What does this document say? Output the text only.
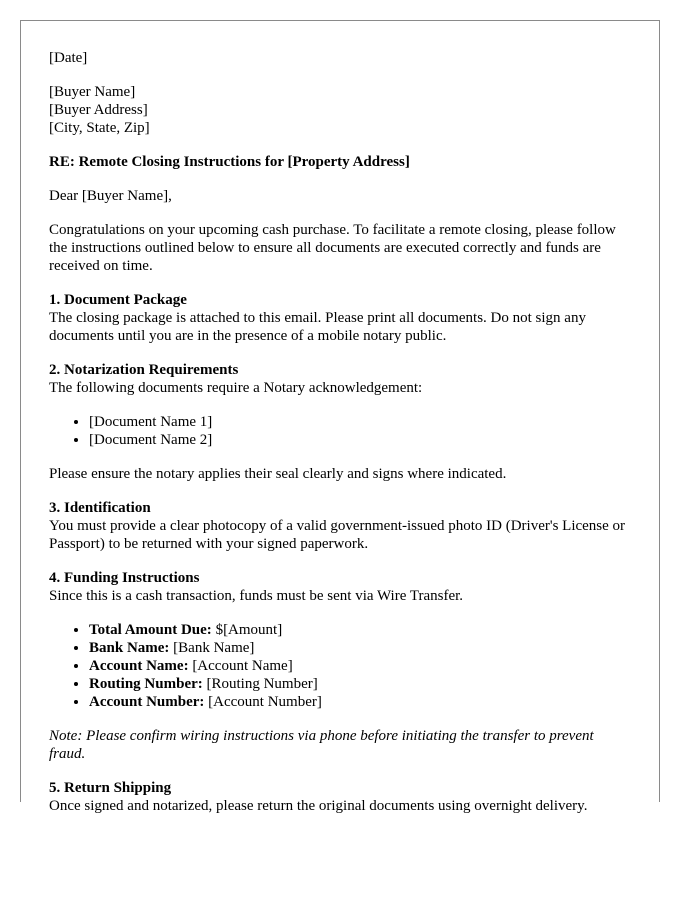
[Date]

[Buyer Name]
[Buyer Address]
[City, State, Zip]

RE: Remote Closing Instructions for [Property Address]

Dear [Buyer Name],

Congratulations on your upcoming cash purchase. To facilitate a remote closing, please follow the instructions outlined below to ensure all documents are executed correctly and funds are received on time.

1. Document Package
The closing package is attached to this email. Please print all documents. Do not sign any documents until you are in the presence of a mobile notary public.

2. Notarization Requirements
The following documents require a Notary acknowledgement:

• [Document Name 1]
• [Document Name 2]

Please ensure the notary applies their seal clearly and signs where indicated.

3. Identification
You must provide a clear photocopy of a valid government-issued photo ID (Driver's License or Passport) to be returned with your signed paperwork.

4. Funding Instructions
Since this is a cash transaction, funds must be sent via Wire Transfer.

• Total Amount Due: $[Amount]
• Bank Name: [Bank Name]
• Account Name: [Account Name]
• Routing Number: [Routing Number]
• Account Number: [Account Number]

Note: Please confirm wiring instructions via phone before initiating the transfer to prevent fraud.

5. Return Shipping
Once signed and notarized, please return the original documents using overnight delivery.
